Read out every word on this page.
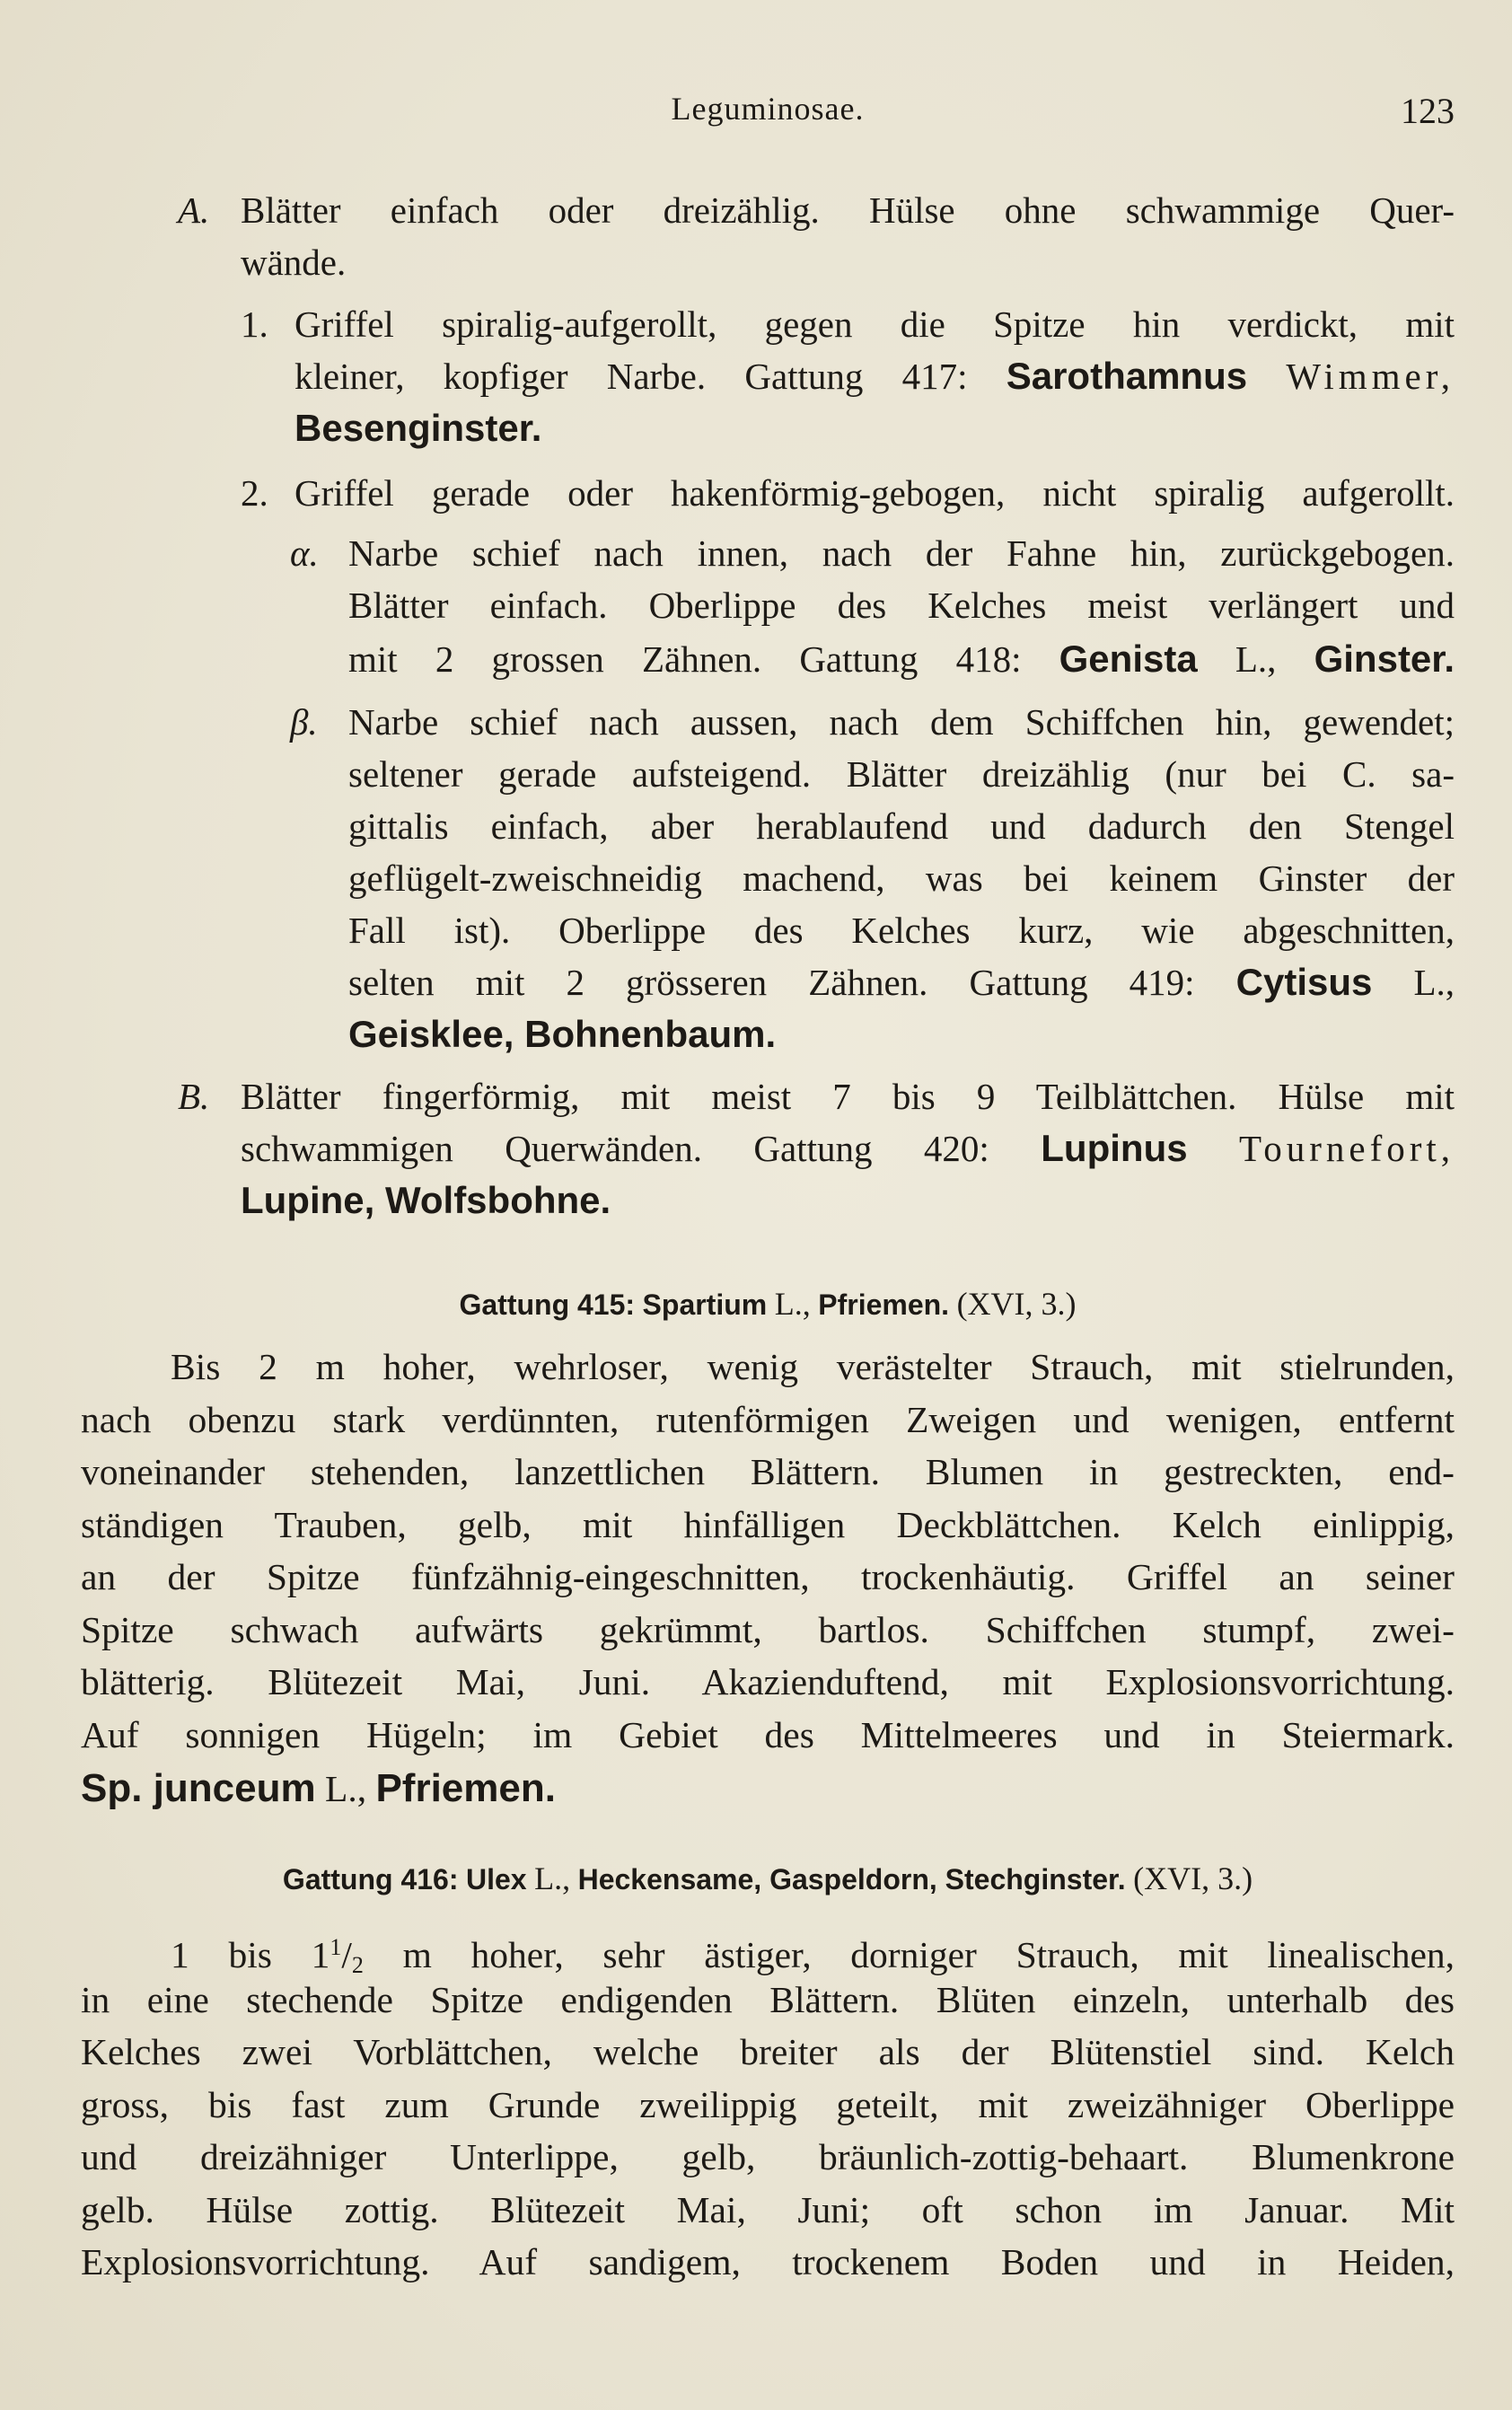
Leguminosae.	123
A. Blätter einfach oder dreizählig. Hülse ohne schwammige Quer-
wände.
1. Griffel spiralig-aufgerollt, gegen die Spitze hin verdickt, mit
kleiner, kopfiger Narbe. Gattung 417: Sarothamnus Wimmer,
Besenginster.
2. Griffel gerade oder hakenförmig-gebogen, nicht spiralig aufgerollt.
α. Narbe schief nach innen, nach der Fahne hin, zurückgebogen.
Blätter einfach. Oberlippe des Kelches meist verlängert und
mit 2 grossen Zähnen. Gattung 418: Genista L., Ginster.
β. Narbe schief nach aussen, nach dem Schiffchen hin, gewendet;
seltener gerade aufsteigend. Blätter dreizählig (nur bei C. sa-
gittalis einfach, aber herablaufend und dadurch den Stengel
geflügelt-zweischneidig machend, was bei keinem Ginster der
Fall ist). Oberlippe des Kelches kurz, wie abgeschnitten,
selten mit 2 grösseren Zähnen. Gattung 419: Cytisus L.,
Geisklee, Bohnenbaum.
B. Blätter fingerförmig, mit meist 7 bis 9 Teilblättchen. Hülse mit
schwammigen Querwänden. Gattung 420: Lupinus Tournefort,
Lupine, Wolfsbohne.
Gattung 415: Spartium L., Pfriemen. (XVI, 3.)
Bis 2 m hoher, wehrloser, wenig verästelter Strauch, mit stielrunden,
nach obenzu stark verdünnten, rutenförmigen Zweigen und wenigen, entfernt
voneinander stehenden, lanzettlichen Blättern. Blumen in gestreckten, end-
ständigen Trauben, gelb, mit hinfälligen Deckblättchen. Kelch einlippig,
an der Spitze fünfzähnig-eingeschnitten, trockenhäutig. Griffel an seiner
Spitze schwach aufwärts gekrümmt, bartlos. Schiffchen stumpf, zwei-
blätterig. Blütezeit Mai, Juni. Akazienduftend, mit Explosionsvorrichtung.
Auf sonnigen Hügeln; im Gebiet des Mittelmeeres und in Steiermark.
Sp. junceum L., Pfriemen.
Gattung 416: Ulex L., Heckensame, Gaspeldorn, Stechginster. (XVI, 3.)
1 bis $1^1/_2$ m hoher, sehr ästiger, dorniger Strauch, mit linealischen,
in eine stechende Spitze endigenden Blättern. Blüten einzeln, unterhalb des
Kelches zwei Vorblättchen, welche breiter als der Blütenstiel sind. Kelch
gross, bis fast zum Grunde zweilippig geteilt, mit zweizähniger Oberlippe
und dreizähniger Unterlippe, gelb, bräunlich-zottig-behaart. Blumenkrone
gelb. Hülse zottig. Blütezeit Mai, Juni; oft schon im Januar. Mit
Explosionsvorrichtung. Auf sandigem, trockenem Boden und in Heiden,
